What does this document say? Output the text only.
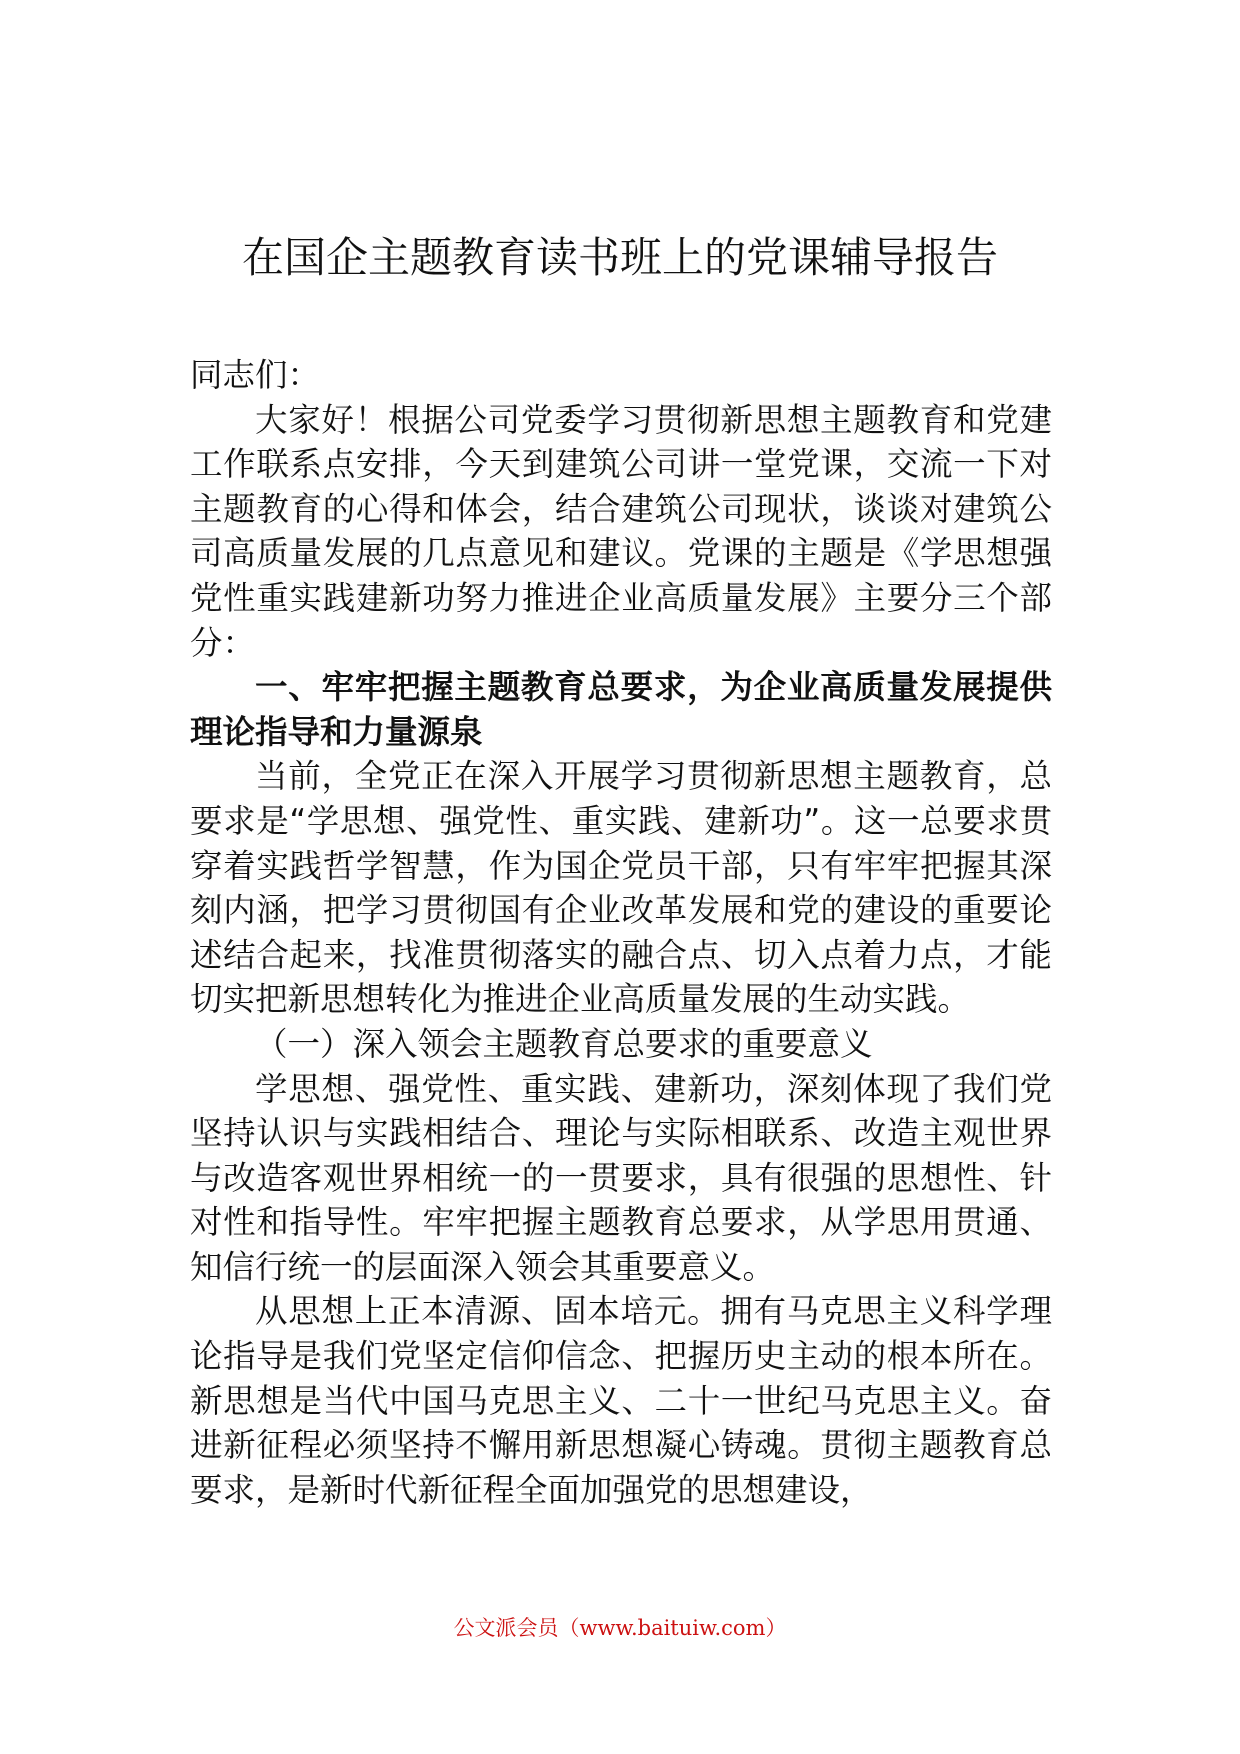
在国企主题教育读书班上的党课辅导报告

同志们：

大家好！根据公司党委学习贯彻新思想主题教育和党建工作联系点安排，今天到建筑公司讲一堂党课，交流一下对主题教育的心得和体会，结合建筑公司现状，谈谈对建筑公司高质量发展的几点意见和建议。党课的主题是《学思想强党性重实践建新功努力推进企业高质量发展》主要分三个部分：

一、牢牢把握主题教育总要求，为企业高质量发展提供理论指导和力量源泉

当前，全党正在深入开展学习贯彻新思想主题教育，总要求是“学思想、强党性、重实践、建新功”。这一总要求贯穿着实践哲学智慧，作为国企党员干部，只有牢牢把握其深刻内涵，把学习贯彻国有企业改革发展和党的建设的重要论述结合起来，找准贯彻落实的融合点、切入点着力点，才能切实把新思想转化为推进企业高质量发展的生动实践。

（一）深入领会主题教育总要求的重要意义

学思想、强党性、重实践、建新功，深刻体现了我们党坚持认识与实践相结合、理论与实际相联系、改造主观世界与改造客观世界相统一的一贯要求，具有很强的思想性、针对性和指导性。牢牢把握主题教育总要求，从学思用贯通、知信行统一的层面深入领会其重要意义。

从思想上正本清源、固本培元。拥有马克思主义科学理论指导是我们党坚定信仰信念、把握历史主动的根本所在。新思想是当代中国马克思主义、二十一世纪马克思主义。奋进新征程必须坚持不懈用新思想凝心铸魂。贯彻主题教育总要求，是新时代新征程全面加强党的思想建设，

公文派会员（www.baituiw.com）
